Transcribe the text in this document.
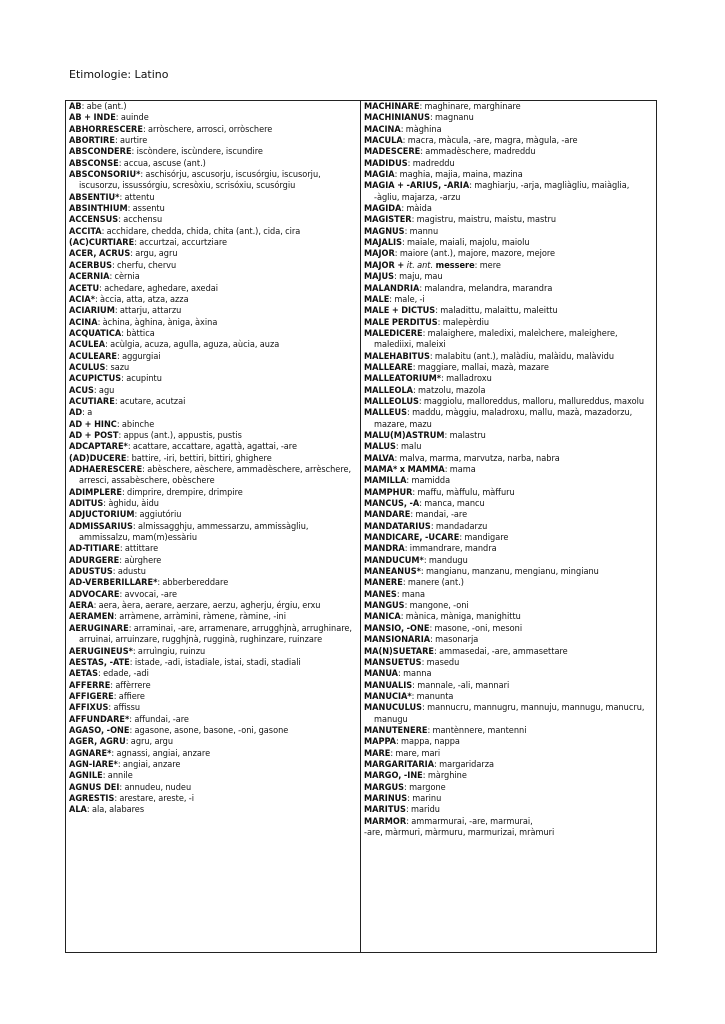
Etimologie: Latino
AB: abe (ant.)
AB + INDE: auinde
ABHORRESCERE: arròschere, arrosci, orròschere
ABORTIRE: aurtire
ABSCONDERE: iscòndere, iscùndere, iscundire
ABSCONSE: accua, ascuse (ant.)
ABSCONSORIU*: aschisórju, ascusorju, iscusórgiu, iscusorju, iscusorzu, issussórgiu, scresòxiu, scrisóxiu, scusórgiu
ABSENTIU*: attentu
ABSINTHIUM: assentu
ACCENSUS: acchensu
ACCITA: acchidare, chedda, chida, chita (ant.), cida, cira
(AC)CURTIARE: accurtzai, accurtziare
ACER, ACRUS: argu, agru
ACERBUS: cherfu, chervu
ACERNIA: cèrnia
ACETU: achedare, aghedare, axedai
ACIA*: àccia, atta, atza, azza
ACIARIUM: attarju, attarzu
ACINA: àchina, àghina, àniga, àxina
ACQUATICA: bàttica
ACULEA: acùlgia, acuza, agulla, aguza, aùcia, auza
ACULEARE: aggurgiai
ACULUS: sazu
ACUPICTUS: acupintu
ACUS: agu
ACUTIARE: acutare, acutzai
AD: a
AD + HINC: abinche
AD + POST: appus (ant.), appustis, pustis
ADCAPTARE*: acattare, accattare, agattà, agattai, -are
(AD)DUCERE: battire, -iri, bettiri, bittiri, ghighere
ADHAERESCERE: abèschere, aèschere, ammadèschere, arrèschere, arresci, assabèschere, obèschere
ADIMPLERE: dimprire, drempire, drimpire
ADITUS: àghidu, àidu
ADJUCTORIUM: aggiutóriu
ADMISSARIUS: almissagghju, ammessarzu, ammissàgliu, ammissalzu, mam(m)essàriu
AD-TITIARE: attittare
ADURGERE: aùrghere
ADUSTUS: adustu
AD-VERBERILLARE*: abberbereddare
ADVOCARE: avvocai, -are
AERA: aera, àera, aerare, aerzare, aerzu, agherju, érgiu, erxu
AERAMEN: arràmene, arràmini, ràmene, ràmine, -ini
AERUGINARE: arraminai, -are, arramenare, arrugghjnà, arrughinare, arruinai, arruinzare, rugghjnà, rugginà, rughinzare, ruinzare
AERUGINEUS*: arruìngiu, ruinzu
AESTAS, -ATE: istade, -adi, istadiale, istai, stadi, stadiali
AETAS: edade, -adi
AFFERRE: affèrrere
AFFIGERE: affiere
AFFIXUS: affissu
AFFUNDARE*: affundai, -are
AGASO, -ONE: agasone, asone, basone, -oni, gasone
AGER, AGRU: agru, argu
AGNARE*: agnassi, angiai, anzare
AGN-IARE*: angiai, anzare
AGNILE: annile
AGNUS DEI: annudeu, nudeu
AGRESTIS: arestare, areste, -i
ALA: ala, alabares
MACHINARE: maghinare, marghinare
MACHINIANUS: magnanu
MACINA: màghina
MACULA: macra, màcula, -are, magra, màgula, -are
MADESCERE: ammadèschere, madreddu
MADIDUS: madreddu
MAGIA: maghia, majia, maina, mazina
MAGIA + -ARIUS, -ARIA: maghiarju, -arja, magliàgliu, maiàglia, -àgliu, majarza, -arzu
MAGIDA: màida
MAGISTER: magistru, maistru, maistu, mastru
MAGNUS: mannu
MAJALIS: maiale, maiali, majolu, maiolu
MAJOR: maiore (ant.), majore, mazore, mejore
MAJOR + it. ant. messere: mere
MAJUS: maju, mau
MALANDRIA: malandra, melandra, marandra
MALE: male, -i
MALE + DICTUS: maladittu, malaittu, maleittu
MALE PERDITUS: malepèrdiu
MALEDICERE: malaighere, maledixi, maleìchere, maleighere, malediixi, maleixi
MALEHABITUS: malabitu (ant.), malàdiu, malàidu, malàvidu
MALLEARE: maggiare, mallai, mazà, mazare
MALLEATORIUM*: malladroxu
MALLEOLA: matzolu, mazola
MALLEOLUS: maggiolu, malloreddus, malloru, mallureddus, maxolu
MALLEUS: maddu, màggiu, maladroxu, mallu, mazà, mazadorzu, mazare, mazu
MALU(M)ASTRUM: malastru
MALUS: malu
MALVA: malva, marma, marvutza, narba, nabra
MAMA* x MAMMA: mama
MAMILLA: mamidda
MAMPHUR: maffu, màffulu, màffuru
MANCUS, -A: manca, mancu
MANDARE: mandai, -are
MANDATARIUS: mandadarzu
MANDICARE, -UCARE: mandigare
MANDRA: immandrare, mandra
MANDUCUM*: mandugu
MANEANUS*: mangianu, manzanu, mengianu, mingianu
MANERE: manere (ant.)
MANES: mana
MANGUS: mangone, -oni
MANICA: mànica, mànigа, manighittu
MANSIO, -ONE: masone, -oni, mesoni
MANSIONARIA: masonarja
MA(N)SUETARE: ammasedai, -are, ammasettare
MANSUETUS: masedu
MANUA: manna
MANUALIS: mannale, -ali, mannari
MANUCIA*: manunta
MANUCULUS: mannucru, mannugru, mannuju, mannugu, manucru, manugu
MANUTENERE: mantènnere, mantenni
MAPPA: mappa, nappa
MARE: mare, mari
MARGARITARIA: margaridarza
MARGO, -INE: màrghine
MARGUS: margone
MARINUS: marinu
MARITUS: maridu
MARMOR: ammarmurai, -are, marmurai,
-are, màrmuri, màrmuru, marmurizai, mràmuri
